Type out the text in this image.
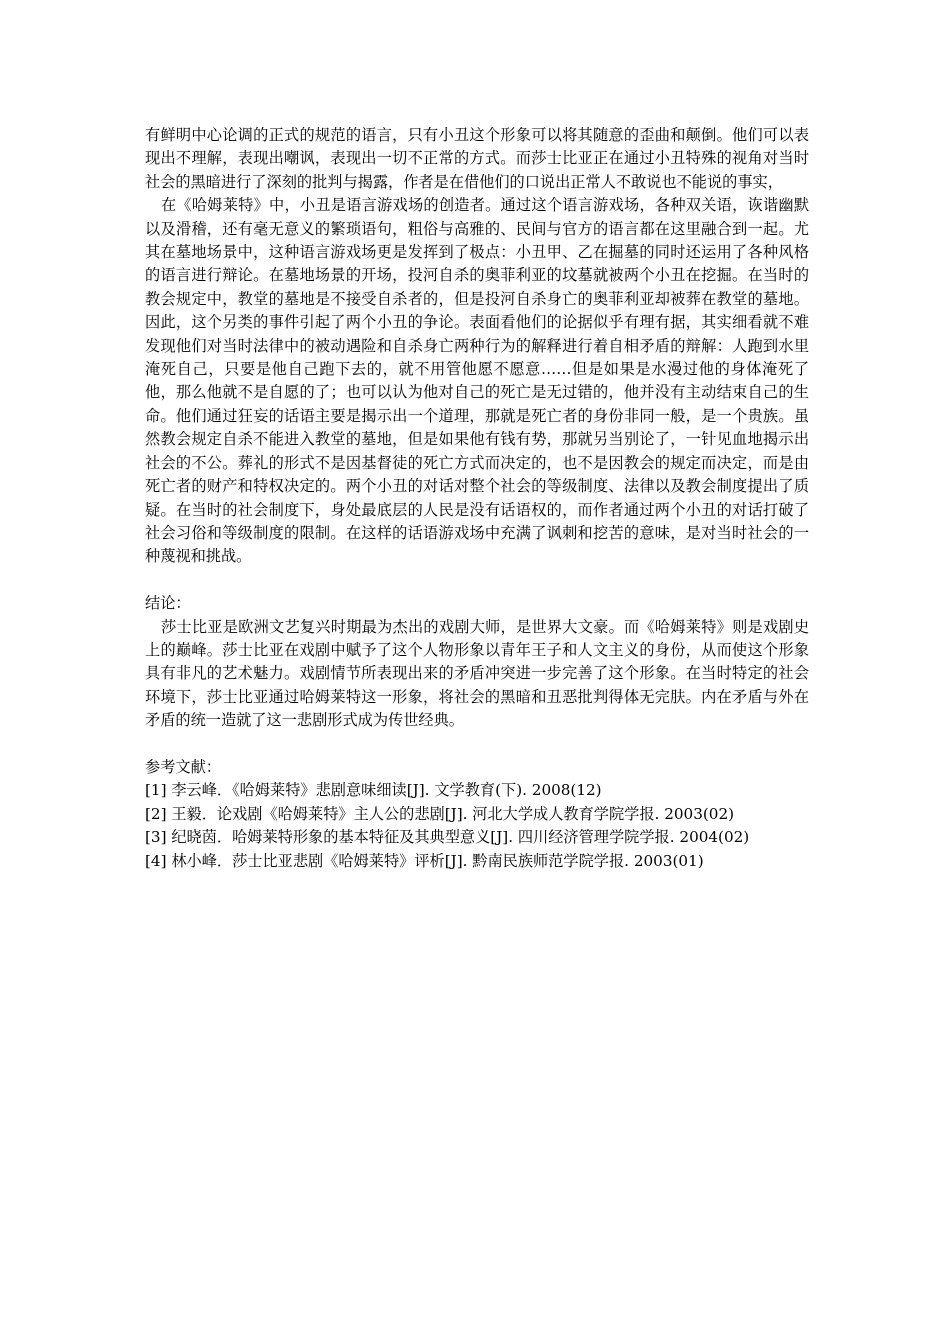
有鲜明中心论调的正式的规范的语言，只有小丑这个形象可以将其随意的歪曲和颠倒。他们可以表现出不理解，表现出嘲讽，表现出一切不正常的方式。而莎士比亚正在通过小丑特殊的视角对当时社会的黑暗进行了深刻的批判与揭露，作者是在借他们的口说出正常人不敢说也不能说的事实，

在《哈姆莱特》中，小丑是语言游戏场的创造者。通过这个语言游戏场，各种双关语，诙谐幽默以及滑稽，还有毫无意义的繁琐语句，粗俗与高雅的、民间与官方的语言都在这里融合到一起。尤其在墓地场景中，这种语言游戏场更是发挥到了极点：小丑甲、乙在掘墓的同时还运用了各种风格的语言进行辩论。在墓地场景的开场，投河自杀的奥菲利亚的坟墓就被两个小丑在挖掘。在当时的教会规定中，教堂的墓地是不接受自杀者的，但是投河自杀身亡的奥菲利亚却被葬在教堂的墓地。因此，这个另类的事件引起了两个小丑的争论。表面看他们的论据似乎有理有据，其实细看就不难发现他们对当时法律中的被动遇险和自杀身亡两种行为的解释进行着自相矛盾的辩解：人跑到水里淹死自己，只要是他自己跑下去的，就不用管他愿不愿意……但是如果是水漫过他的身体淹死了他，那么他就不是自愿的了；也可以认为他对自己的死亡是无过错的，他并没有主动结束自己的生命。他们通过狂妄的话语主要是揭示出一个道理，那就是死亡者的身份非同一般，是一个贵族。虽然教会规定自杀不能进入教堂的墓地，但是如果他有钱有势，那就另当别论了，一针见血地揭示出社会的不公。葬礼的形式不是因基督徒的死亡方式而决定的，也不是因教会的规定而决定，而是由死亡者的财产和特权决定的。两个小丑的对话对整个社会的等级制度、法律以及教会制度提出了质疑。在当时的社会制度下，身处最底层的人民是没有话语权的，而作者通过两个小丑的对话打破了社会习俗和等级制度的限制。在这样的话语游戏场中充满了讽刺和挖苦的意味，是对当时社会的一种蔑视和挑战。

结论：

莎士比亚是欧洲文艺复兴时期最为杰出的戏剧大师，是世界大文豪。而《哈姆莱特》则是戏剧史上的巅峰。莎士比亚在戏剧中赋予了这个人物形象以青年王子和人文主义的身份，从而使这个形象具有非凡的艺术魅力。戏剧情节所表现出来的矛盾冲突进一步完善了这个形象。在当时特定的社会环境下，莎士比亚通过哈姆莱特这一形象，将社会的黑暗和丑恶批判得体无完肤。内在矛盾与外在矛盾的统一造就了这一悲剧形式成为传世经典。

参考文献：

[1] 李云峰．《哈姆莱特》悲剧意味细读[J]. 文学教育(下). 2008(12)
[2] 王毅．论戏剧《哈姆莱特》主人公的悲剧[J]. 河北大学成人教育学院学报. 2003(02)
[3] 纪晓茵．哈姆莱特形象的基本特征及其典型意义[J]. 四川经济管理学院学报. 2004(02)
[4] 林小峰．莎士比亚悲剧《哈姆莱特》评析[J]. 黔南民族师范学院学报. 2003(01)
